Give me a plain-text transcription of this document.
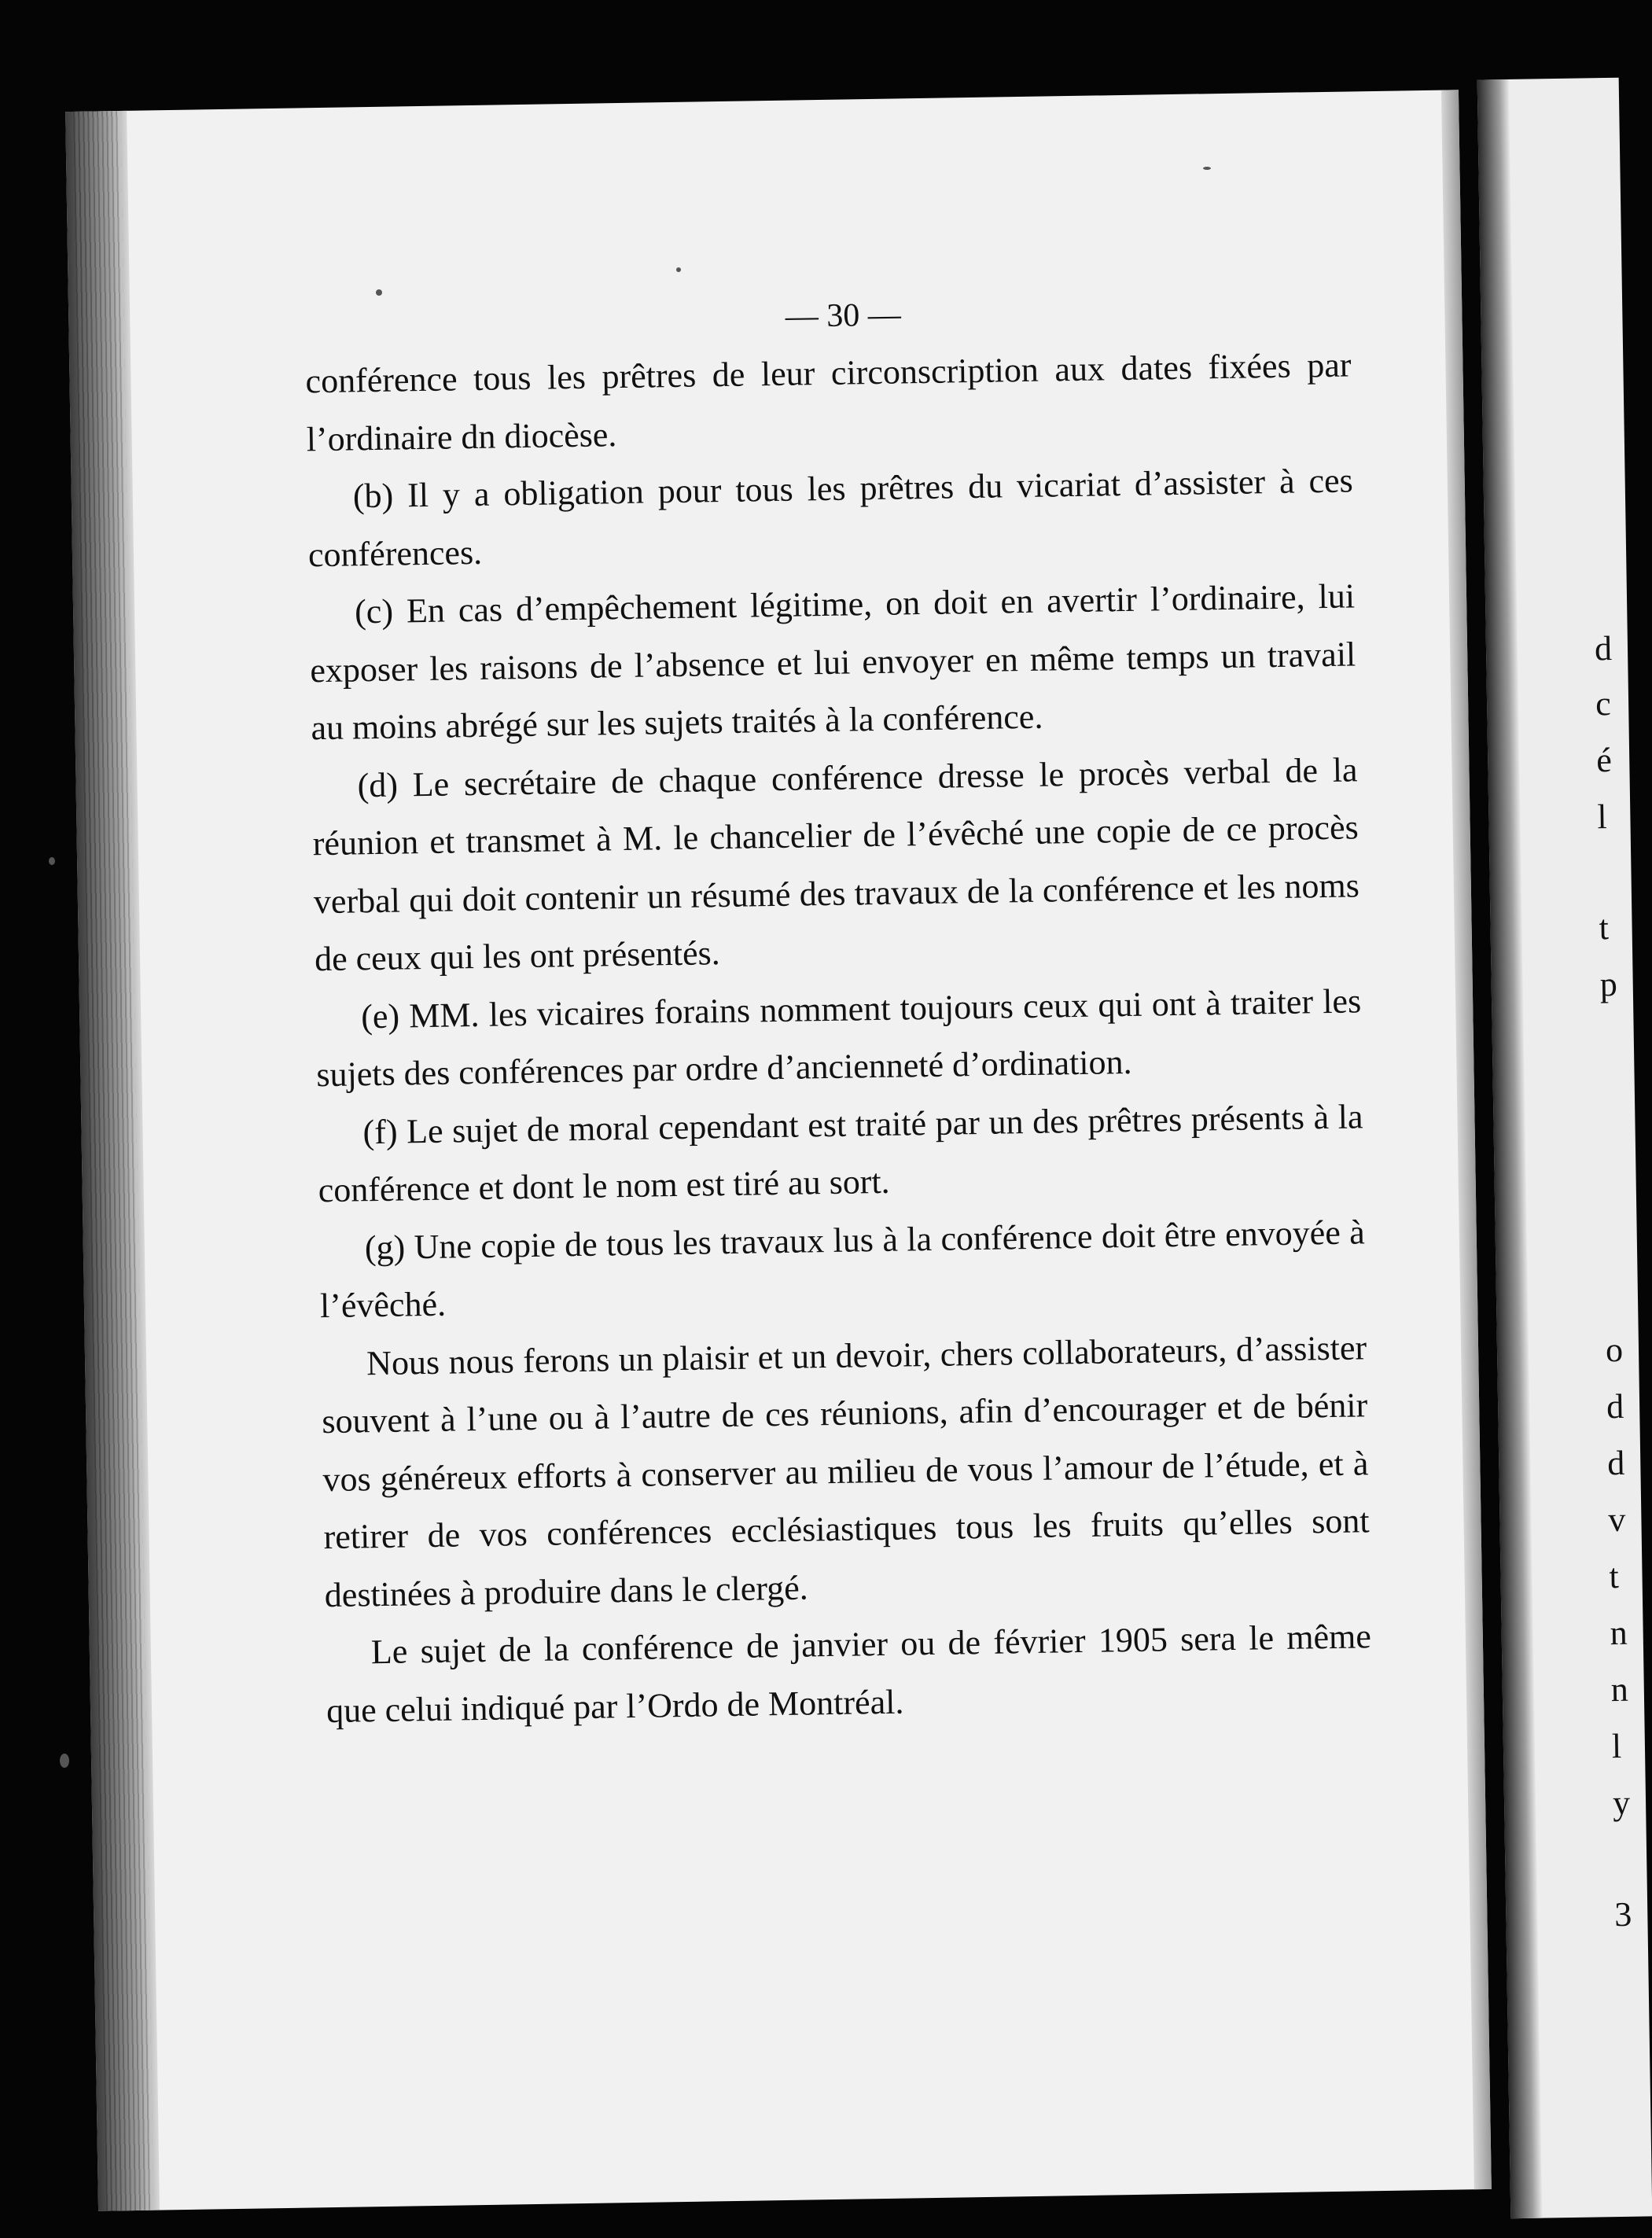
— 30 —

conférence tous les prêtres de leur circonscription aux dates fixées par l’ordinaire dn diocèse.

(b) Il y a obligation pour tous les prêtres du vicariat d’assister à ces conférences.

(c) En cas d’empêchement légitime, on doit en avertir l’ordinaire, lui exposer les raisons de l’absence et lui envoyer en même temps un travail au moins abrégé sur les sujets traités à la conférence.

(d) Le secrétaire de chaque conférence dresse le procès verbal de la réunion et transmet à M. le chancelier de l’évêché une copie de ce procès verbal qui doit contenir un résumé des travaux de la conférence et les noms de ceux qui les ont présentés.

(e) MM. les vicaires forains nomment toujours ceux qui ont à traiter les sujets des conférences par ordre d’ancienneté d’ordination.

(f) Le sujet de moral cependant est traité par un des prêtres présents à la conférence et dont le nom est tiré au sort.

(g) Une copie de tous les travaux lus à la conférence doit être envoyée à l’évêché.

Nous nous ferons un plaisir et un devoir, chers collaborateurs, d’assister souvent à l’une ou à l’autre de ces réunions, afin d’encourager et de bénir vos généreux efforts à conserver au milieu de vous l’amour de l’étude, et à retirer de vos conférences ecclésiastiques tous les fruits qu’elles sont destinées à produire dans le clergé.

Le sujet de la conférence de janvier ou de février 1905 sera le même que celui indiqué par l’Ordo de Montréal.

d
c
é
l
t
p
o
d
d
v
t
n
n
l
y
3
